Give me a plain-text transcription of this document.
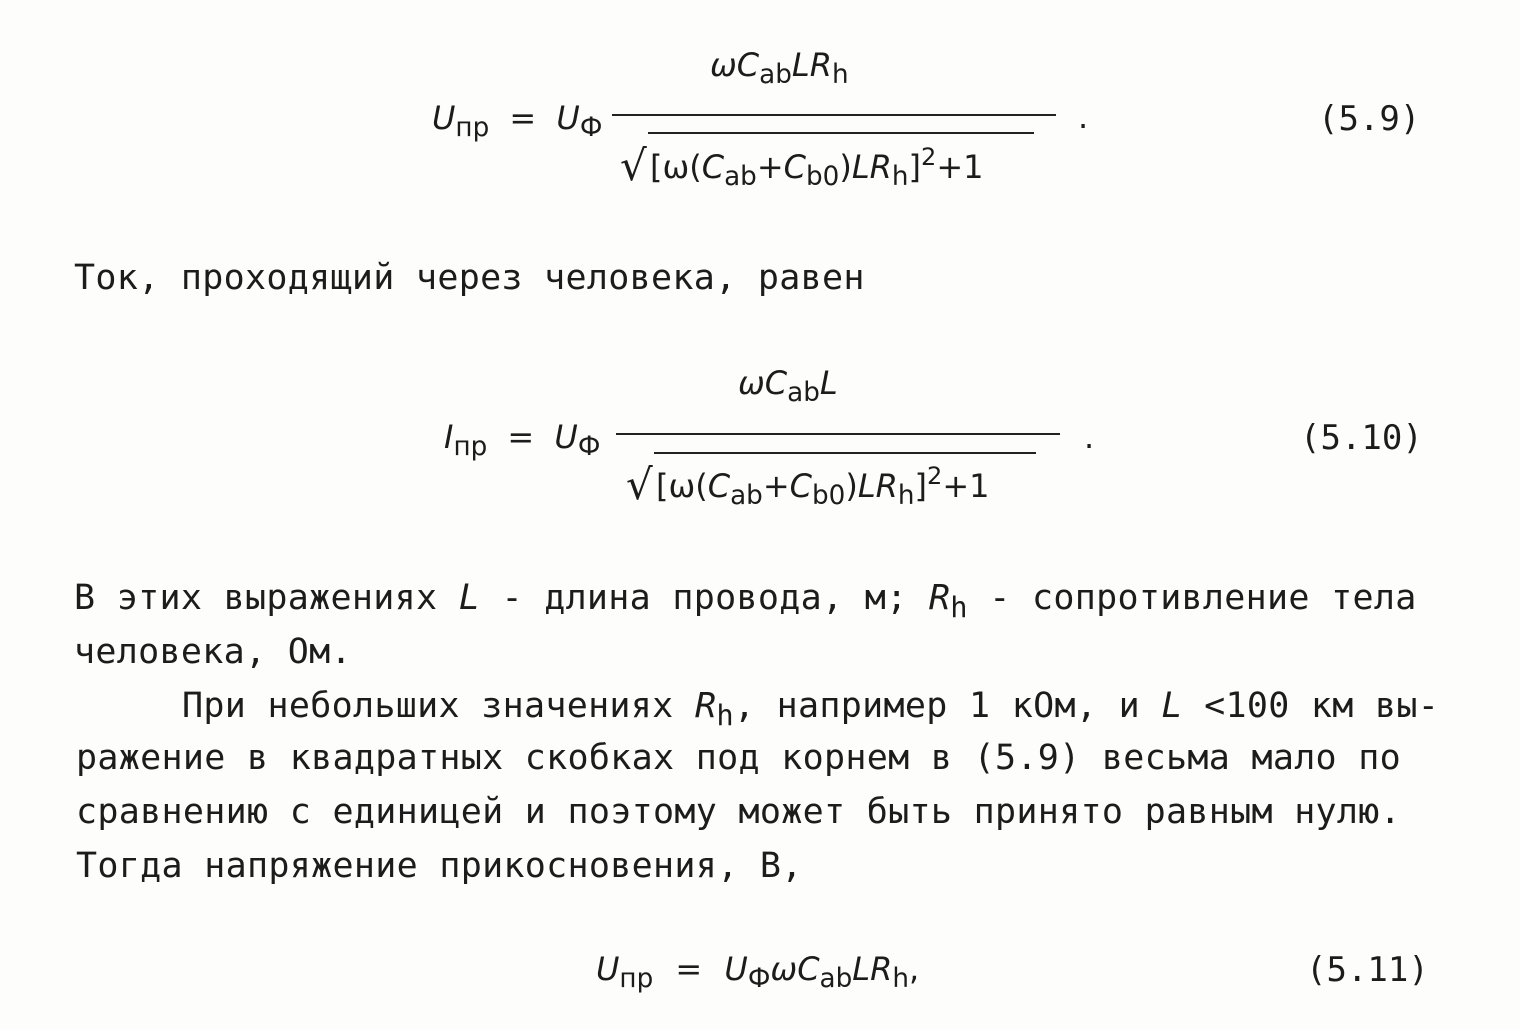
$U_{пр} = U_Ф$
$\omega C_{ab}LR_h$
√ $[\omega(C_{ab}+C_{b0})LR_h]^2+1$
.	(5.9)
Ток, проходящий через человека, равен
$I_{пр} = U_Ф$
$\omega C_{ab}L$
√ $[\omega(C_{ab}+C_{b0})LR_h]^2+1$
.	(5.10)
В этих выражениях L - длина провода, м; $R_h$ - сопротивление тела
человека, Ом.
При небольших значениях $R_h$, например 1 кОм, и L <100 км вы-
ражение в квадратных скобках под корнем в (5.9) весьма мало по
сравнению с единицей и поэтому может быть принято равным нулю.
Тогда напряжение прикосновения, В,
$U_{пр} = U_Ф\omega C_{ab}LR_h$,	(5.11)
